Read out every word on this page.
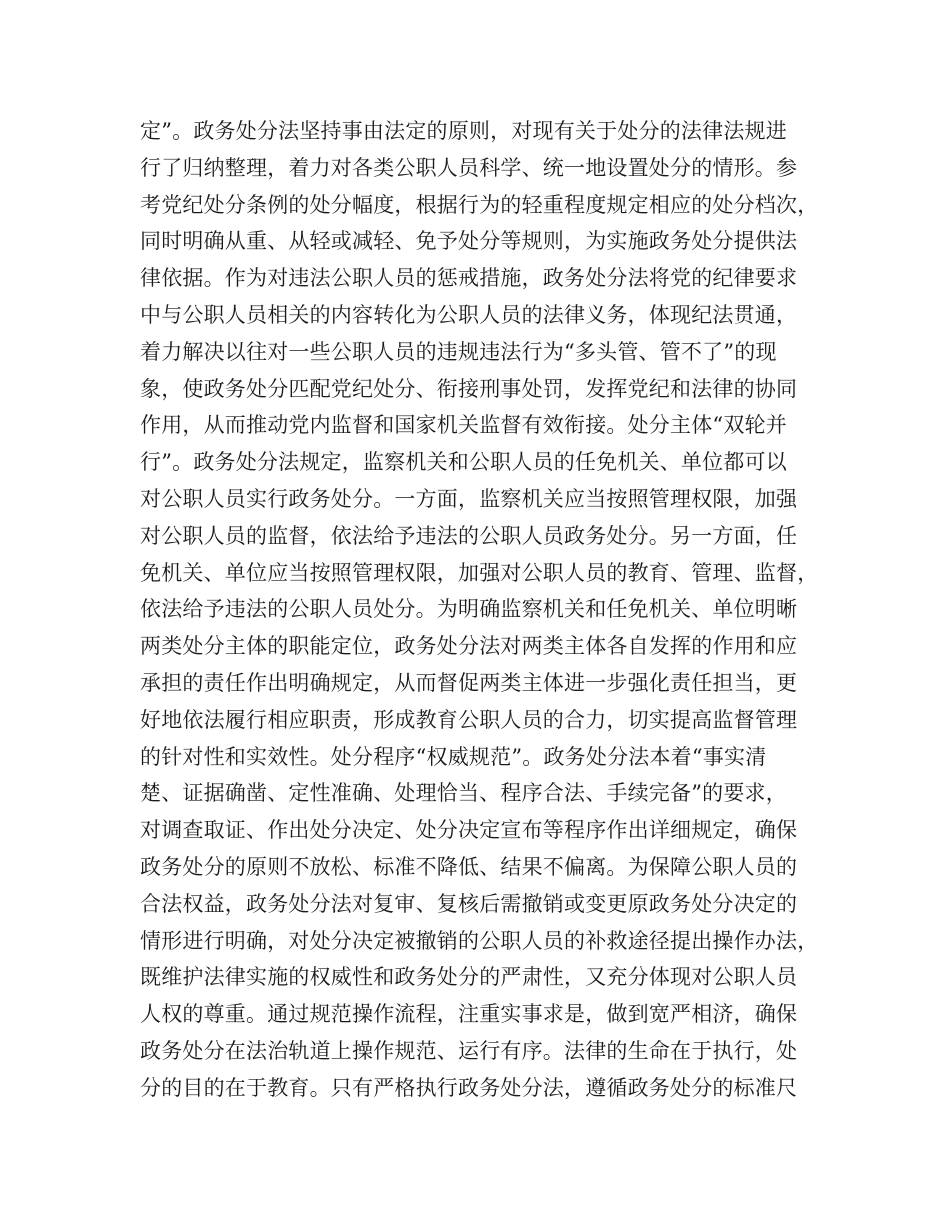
定”。政务处分法坚持事由法定的原则，对现有关于处分的法律法规进
行了归纳整理，着力对各类公职人员科学、统一地设置处分的情形。参
考党纪处分条例的处分幅度，根据行为的轻重程度规定相应的处分档次，
同时明确从重、从轻或减轻、免予处分等规则，为实施政务处分提供法
律依据。作为对违法公职人员的惩戒措施，政务处分法将党的纪律要求
中与公职人员相关的内容转化为公职人员的法律义务，体现纪法贯通，
着力解决以往对一些公职人员的违规违法行为“多头管、管不了”的现
象，使政务处分匹配党纪处分、衔接刑事处罚，发挥党纪和法律的协同
作用，从而推动党内监督和国家机关监督有效衔接。处分主体“双轮并
行”。政务处分法规定，监察机关和公职人员的任免机关、单位都可以
对公职人员实行政务处分。一方面，监察机关应当按照管理权限，加强
对公职人员的监督，依法给予违法的公职人员政务处分。另一方面，任
免机关、单位应当按照管理权限，加强对公职人员的教育、管理、监督，
依法给予违法的公职人员处分。为明确监察机关和任免机关、单位明晰
两类处分主体的职能定位，政务处分法对两类主体各自发挥的作用和应
承担的责任作出明确规定，从而督促两类主体进一步强化责任担当，更
好地依法履行相应职责，形成教育公职人员的合力，切实提高监督管理
的针对性和实效性。处分程序“权威规范”。政务处分法本着“事实清
楚、证据确凿、定性准确、处理恰当、程序合法、手续完备”的要求，
对调查取证、作出处分决定、处分决定宣布等程序作出详细规定，确保
政务处分的原则不放松、标准不降低、结果不偏离。为保障公职人员的
合法权益，政务处分法对复审、复核后需撤销或变更原政务处分决定的
情形进行明确，对处分决定被撤销的公职人员的补救途径提出操作办法，
既维护法律实施的权威性和政务处分的严肃性，又充分体现对公职人员
人权的尊重。通过规范操作流程，注重实事求是，做到宽严相济，确保
政务处分在法治轨道上操作规范、运行有序。法律的生命在于执行，处
分的目的在于教育。只有严格执行政务处分法，遵循政务处分的标准尺
